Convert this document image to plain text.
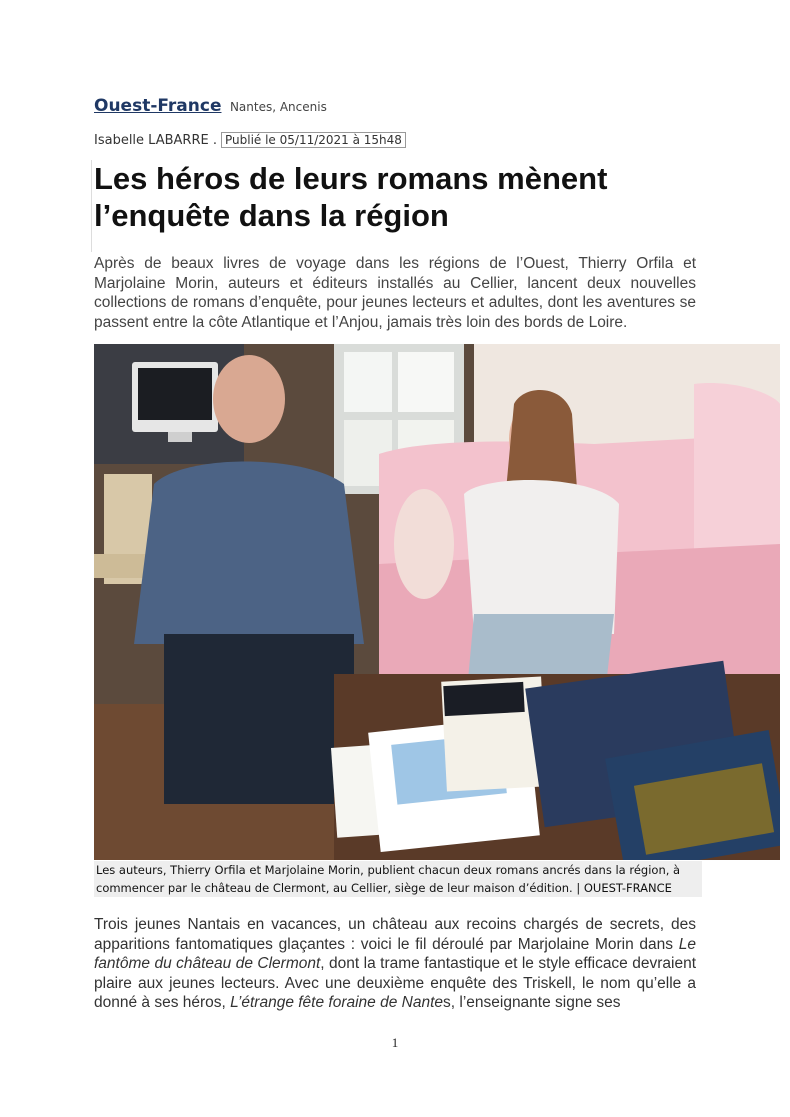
Ouest-France Nantes, Ancenis
Isabelle LABARRE . Publié le 05/11/2021 à 15h48
Les héros de leurs romans mènent
l’enquête dans la région

Après de beaux livres de voyage dans les régions de l’Ouest, Thierry Orfila et Marjolaine Morin, auteurs et éditeurs installés au Cellier, lancent deux nouvelles collections de romans d’enquête, pour jeunes lecteurs et adultes, dont les aventures se passent entre la côte Atlantique et l’Anjou, jamais très loin des bords de Loire.

Les auteurs, Thierry Orfila et Marjolaine Morin, publient chacun deux romans ancrés dans la région, à commencer par le château de Clermont, au Cellier, siège de leur maison d’édition. | OUEST-FRANCE

Trois jeunes Nantais en vacances, un château aux recoins chargés de secrets, des apparitions fantomatiques glaçantes : voici le fil déroulé par Marjolaine Morin dans Le fantôme du château de Clermont, dont la trame fantastique et le style efficace devraient plaire aux jeunes lecteurs. Avec une deuxième enquête des Triskell, le nom qu’elle a donné à ses héros, L’étrange fête foraine de Nantes, l’enseignante signe ses

1
